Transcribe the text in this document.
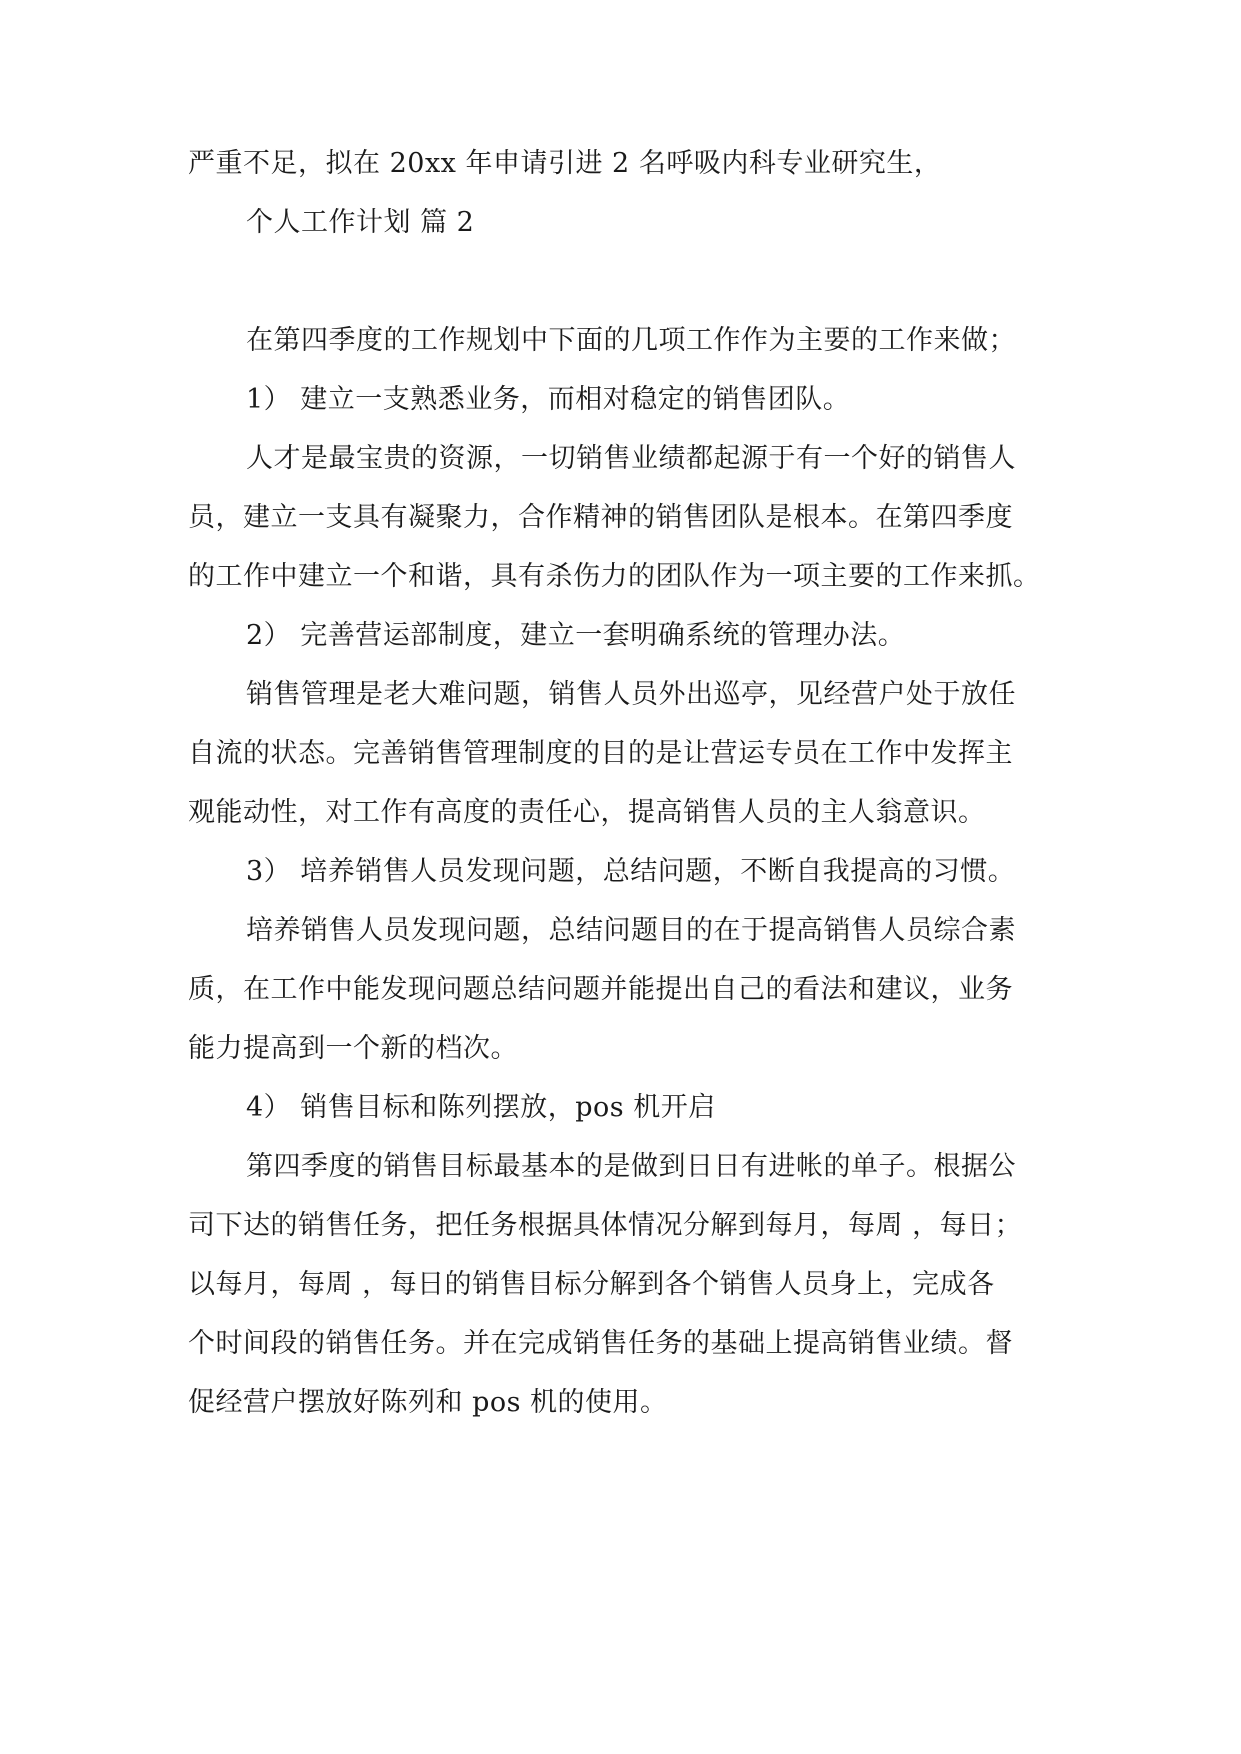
严重不足，拟在 20xx 年申请引进 2 名呼吸内科专业研究生，
个人工作计划 篇 2
在第四季度的工作规划中下面的几项工作作为主要的工作来做；
1） 建立一支熟悉业务，而相对稳定的销售团队。
人才是最宝贵的资源，一切销售业绩都起源于有一个好的销售人
员，建立一支具有凝聚力，合作精神的销售团队是根本。在第四季度
的工作中建立一个和谐，具有杀伤力的团队作为一项主要的工作来抓。
2） 完善营运部制度，建立一套明确系统的管理办法。
销售管理是老大难问题，销售人员外出巡亭，见经营户处于放任
自流的状态。完善销售管理制度的目的是让营运专员在工作中发挥主
观能动性，对工作有高度的责任心，提高销售人员的主人翁意识。
3） 培养销售人员发现问题，总结问题，不断自我提高的习惯。
培养销售人员发现问题，总结问题目的在于提高销售人员综合素
质，在工作中能发现问题总结问题并能提出自己的看法和建议，业务
能力提高到一个新的档次。
4） 销售目标和陈列摆放，pos 机开启
第四季度的销售目标最基本的是做到日日有进帐的单子。根据公
司下达的销售任务，把任务根据具体情况分解到每月，每周 ，每日；
以每月，每周 ，每日的销售目标分解到各个销售人员身上，完成各
个时间段的销售任务。并在完成销售任务的基础上提高销售业绩。督
促经营户摆放好陈列和 pos 机的使用。
